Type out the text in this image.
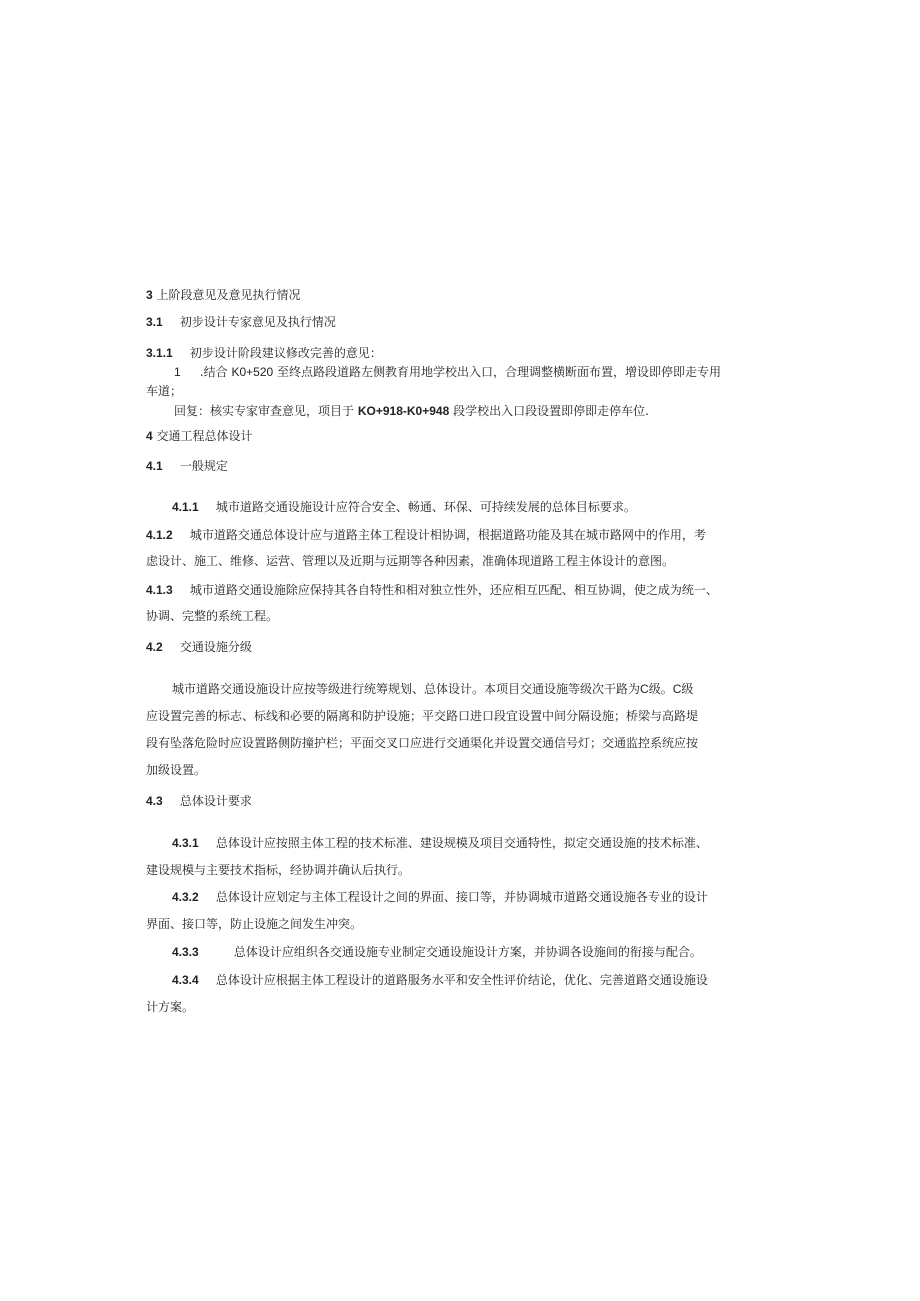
3 上阶段意见及意见执行情况
3.1 初步设计专家意见及执行情况
3.1.1 初步设计阶段建议修改完善的意见：
1 .结合 K0+520 至终点路段道路左侧教育用地学校出入口，合理调整横断面布置，增设即停即走专用
车道；
回复：核实专家审查意见，项目于 KO+918-K0+948 段学校出入口段设置即停即走停车位.
4 交通工程总体设计
4.1 一般规定
4.1.1 城市道路交通设施设计应符合安全、畅通、环保、可持续发展的总体目标要求。
4.1.2 城市道路交通总体设计应与道路主体工程设计相协调，根据道路功能及其在城市路网中的作用，考
虑设计、施工、维修、运营、管理以及近期与远期等各种因素，准确体现道路工程主体设计的意图。
4.1.3 城市道路交通设施除应保持其各自特性和相对独立性外，还应相互匹配、相互协调，使之成为统一、
协调、完整的系统工程。
4.2 交通设施分级
城市道路交通设施设计应按等级进行统筹规划、总体设计。本项目交通设施等级次干路为C级。C级
应设置完善的标志、标线和必要的隔离和防护设施；平交路口进口段宜设置中间分隔设施；桥梁与高路堤
段有坠落危险时应设置路侧防撞护栏；平面交叉口应进行交通渠化并设置交通信号灯；交通监控系统应按
加级设置。
4.3 总体设计要求
4.3.1 总体设计应按照主体工程的技术标准、建设规模及项目交通特性，拟定交通设施的技术标准、
建设规模与主要技术指标，经协调并确认后执行。
4.3.2 总体设计应划定与主体工程设计之间的界面、接口等，并协调城市道路交通设施各专业的设计
界面、接口等，防止设施之间发生冲突。
4.3.3	总体设计应组织各交通设施专业制定交通设施设计方案，并协调各设施间的衔接与配合。
4.3.4 总体设计应根据主体工程设计的道路服务水平和安全性评价结论，优化、完善道路交通设施设
计方案。
